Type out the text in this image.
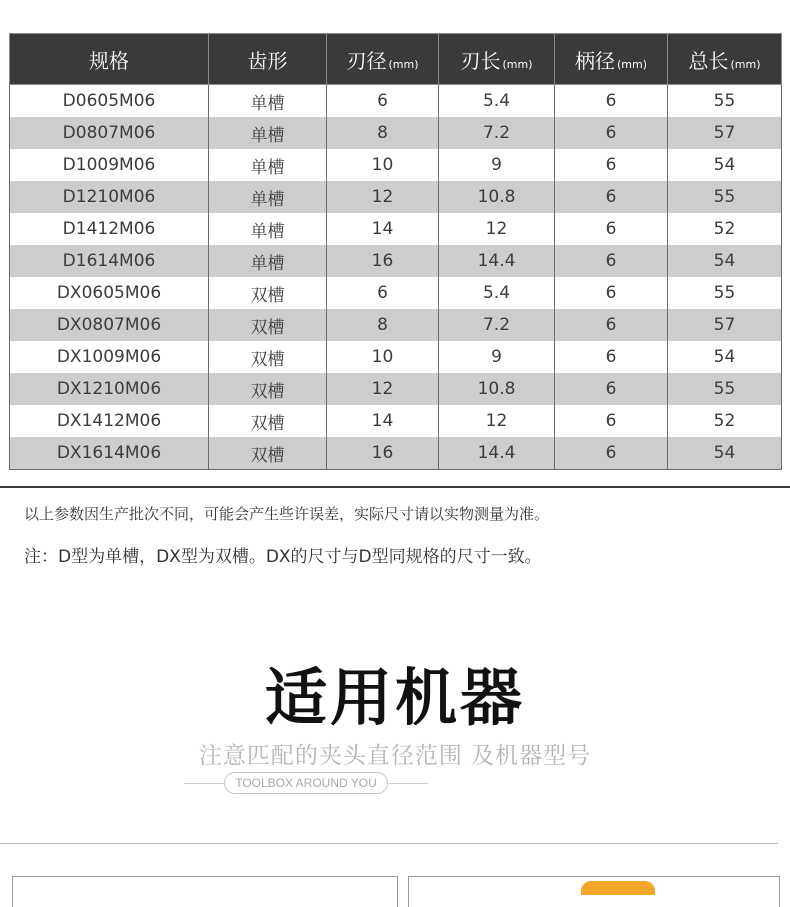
规格	齿形	刃径 (mm)	刃长 (mm)	柄径 (mm)	总长 (mm)
D0605M06	单槽	6	5.4	6	55
D0807M06	单槽	8	7.2	6	57
D1009M06	单槽	10	9	6	54
D1210M06	单槽	12	10.8	6	55
D1412M06	单槽	14	12	6	52
D1614M06	单槽	16	14.4	6	54
DX0605M06	双槽	6	5.4	6	55
DX0807M06	双槽	8	7.2	6	57
DX1009M06	双槽	10	9	6	54
DX1210M06	双槽	12	10.8	6	55
DX1412M06	双槽	14	12	6	52
DX1614M06	双槽	16	14.4	6	54
以上参数因生产批次不同，可能会产生些许误差，实际尺寸请以实物测量为准。
注：D型为单槽，DX型为双槽。DX的尺寸与D型同规格的尺寸一致。
适用机器
注意匹配的夹头直径范围 及机器型号
TOOLBOX AROUND YOU
